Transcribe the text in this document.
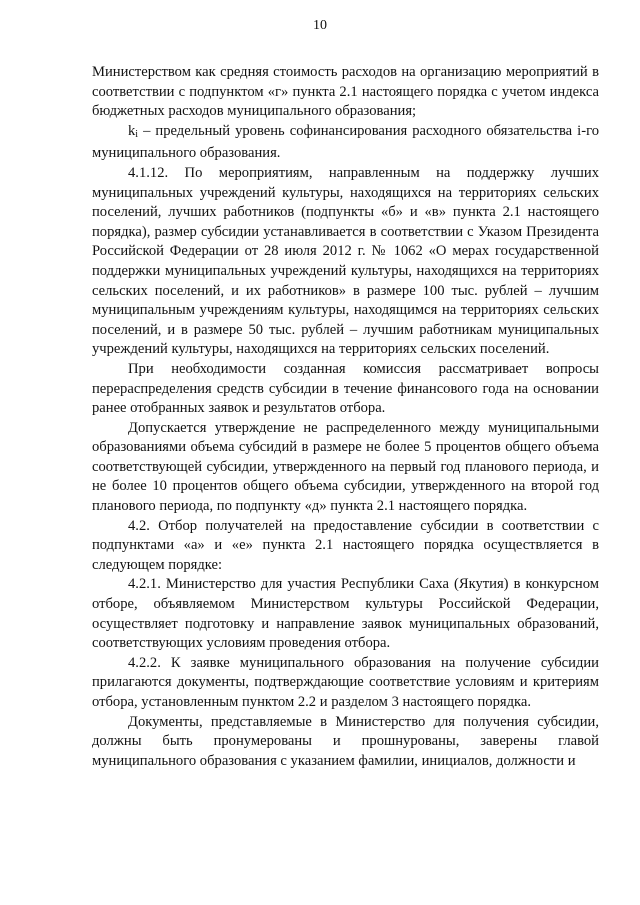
10

Министерством как средняя стоимость расходов на организацию мероприятий в соответствии с подпунктом «г» пункта 2.1 настоящего порядка с учетом индекса бюджетных расходов муниципального образования;

ki – предельный уровень софинансирования расходного обязательства i-го муниципального образования.

4.1.12. По мероприятиям, направленным на поддержку лучших муниципальных учреждений культуры, находящихся на территориях сельских поселений, лучших работников (подпункты «б» и «в» пункта 2.1 настоящего порядка), размер субсидии устанавливается в соответствии с Указом Президента Российской Федерации от 28 июля 2012 г. № 1062 «О мерах государственной поддержки муниципальных учреждений культуры, находящихся на территориях сельских поселений, и их работников» в размере 100 тыс. рублей – лучшим муниципальным учреждениям культуры, находящимся на территориях сельских поселений, и в размере 50 тыс. рублей – лучшим работникам муниципальных учреждений культуры, находящихся на территориях сельских поселений.

При необходимости созданная комиссия рассматривает вопросы перераспределения средств субсидии в течение финансового года на основании ранее отобранных заявок и результатов отбора.

Допускается утверждение не распределенного между муниципальными образованиями объема субсидий в размере не более 5 процентов общего объема соответствующей субсидии, утвержденного на первый год планового периода, и не более 10 процентов общего объема субсидии, утвержденного на второй год планового периода, по подпункту «д» пункта 2.1 настоящего порядка.

4.2. Отбор получателей на предоставление субсидии в соответствии с подпунктами «а» и «е» пункта 2.1 настоящего порядка осуществляется в следующем порядке:

4.2.1. Министерство для участия Республики Саха (Якутия) в конкурсном отборе, объявляемом Министерством культуры Российской Федерации, осуществляет подготовку и направление заявок муниципальных образований, соответствующих условиям проведения отбора.

4.2.2. К заявке муниципального образования на получение субсидии прилагаются документы, подтверждающие соответствие условиям и критериям отбора, установленным пунктом 2.2 и разделом 3 настоящего порядка.

Документы, представляемые в Министерство для получения субсидии, должны быть пронумерованы и прошнурованы, заверены главой муниципального образования с указанием фамилии, инициалов, должности и
